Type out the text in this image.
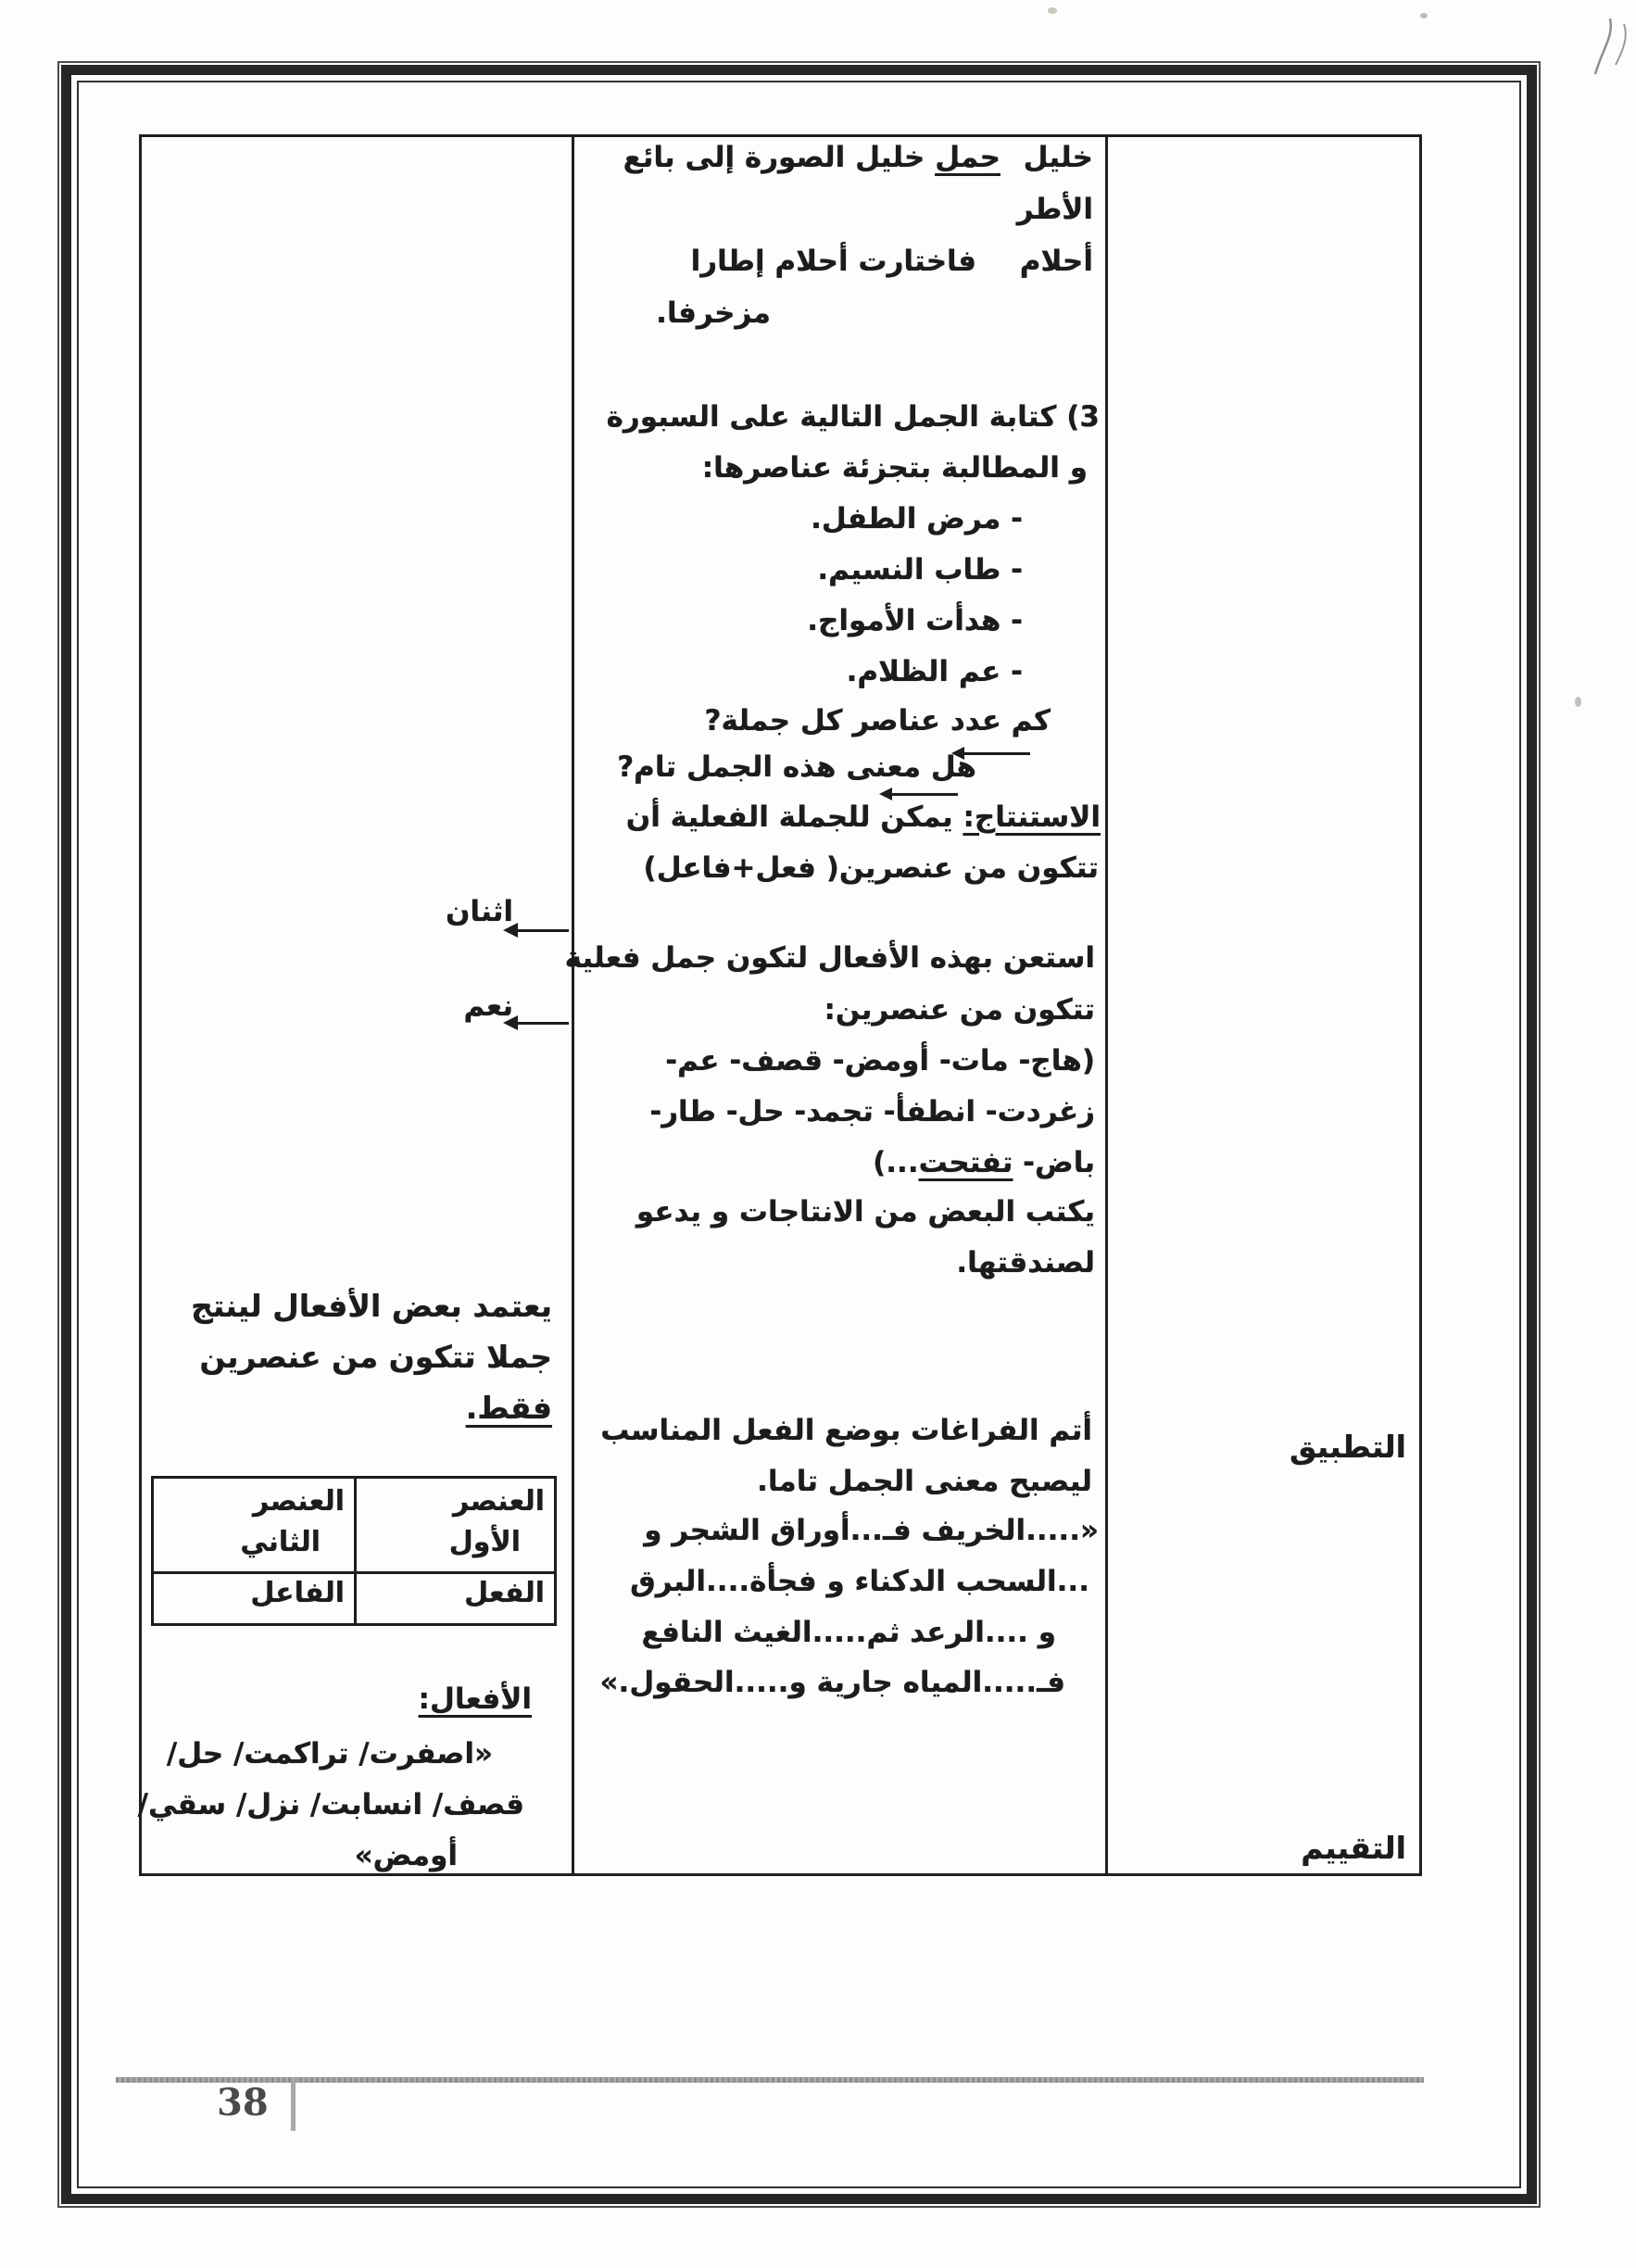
التطبيق
التقييم
خليل
حمل خليل الصورة إلى بائع
الأطر
أحلام
فاختارت أحلام إطارا
مزخرفا.
3) كتابة الجمل التالية على السبورة
و المطالبة بتجزئة عناصرها:
- مرض الطفل.
- طاب النسيم.
- هدأت الأمواج.
- عم الظلام.
كم عدد عناصر كل جملة?
هل معنى هذه الجمل تام?
الاستنتاج: يمكن للجملة الفعلية أن
تتكون من عنصرين( فعل+فاعل)
استعن بهذه الأفعال لتكون جمل فعلية
تتكون من عنصرين:
(هاج- مات- أومض- قصف- عم-
زغردت- انطفأ- تجمد- حل- طار-
باض- تفتحت...)
يكتب البعض من الانتاجات و يدعو
لصندقتها.
أتم الفراغات بوضع الفعل المناسب
ليصبح معنى الجمل تاما.
«.....الخريف فـ...أوراق الشجر و
...السحب الدكناء و فجأة....البرق
و ....الرعد ثم.....الغيث النافع
فـ.....المياه جارية و.....الحقول.»
اثنان
نعم
يعتمد بعض الأفعال لينتج
جملا تتكون من عنصرين
فقط.
العنصر
الأول
العنصر
الثاني
الفعل
الفاعل
الأفعال:
«اصفرت/ تراكمت/ حل/
قصف/ انسابت/ نزل/ سقي/
أومض»
38
